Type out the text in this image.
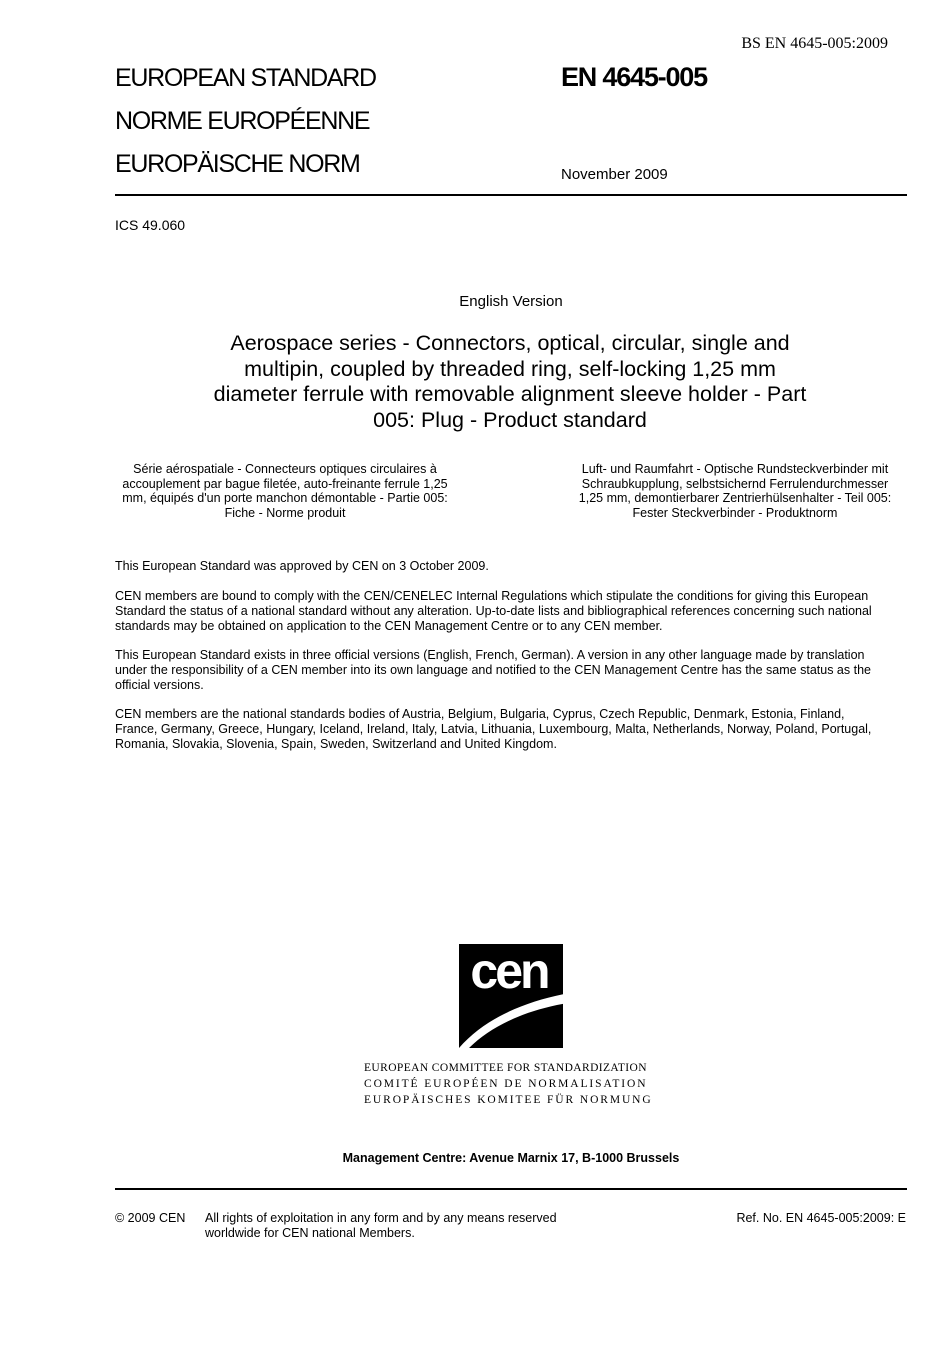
BS EN 4645-005:2009
EUROPEAN STANDARD
NORME EUROPÉENNE
EUROPÄISCHE NORM
EN 4645-005
November 2009
ICS 49.060
English Version
Aerospace series - Connectors, optical, circular, single and
multipin, coupled by threaded ring, self-locking 1,25 mm
diameter ferrule with removable alignment sleeve holder - Part
005: Plug - Product standard
Série aérospatiale - Connecteurs optiques circulaires à
accouplement par bague filetée, auto-freinante ferrule 1,25
mm, équipés d'un porte manchon démontable - Partie 005:
Fiche - Norme produit
Luft- und Raumfahrt - Optische Rundsteckverbinder mit
Schraubkupplung, selbstsichernd Ferrulendurchmesser
1,25 mm, demontierbarer Zentrierhülsenhalter - Teil 005:
Fester Steckverbinder - Produktnorm
This European Standard was approved by CEN on 3 October 2009.
CEN members are bound to comply with the CEN/CENELEC Internal Regulations which stipulate the conditions for giving this European
Standard the status of a national standard without any alteration. Up-to-date lists and bibliographical references concerning such national
standards may be obtained on application to the CEN Management Centre or to any CEN member.
This European Standard exists in three official versions (English, French, German). A version in any other language made by translation
under the responsibility of a CEN member into its own language and notified to the CEN Management Centre has the same status as the
official versions.
CEN members are the national standards bodies of Austria, Belgium, Bulgaria, Cyprus, Czech Republic, Denmark, Estonia, Finland,
France, Germany, Greece, Hungary, Iceland, Ireland, Italy, Latvia, Lithuania, Luxembourg, Malta, Netherlands, Norway, Poland, Portugal,
Romania, Slovakia, Slovenia, Spain, Sweden, Switzerland and United Kingdom.
cen
EUROPEAN COMMITTEE FOR STANDARDIZATION
COMITÉ EUROPÉEN DE NORMALISATION
EUROPÄISCHES KOMITEE FÜR NORMUNG
Management Centre: Avenue Marnix 17, B-1000 Brussels
© 2009 CEN All rights of exploitation in any form and by any means reserved
worldwide for CEN national Members.
Ref. No. EN 4645-005:2009: E
